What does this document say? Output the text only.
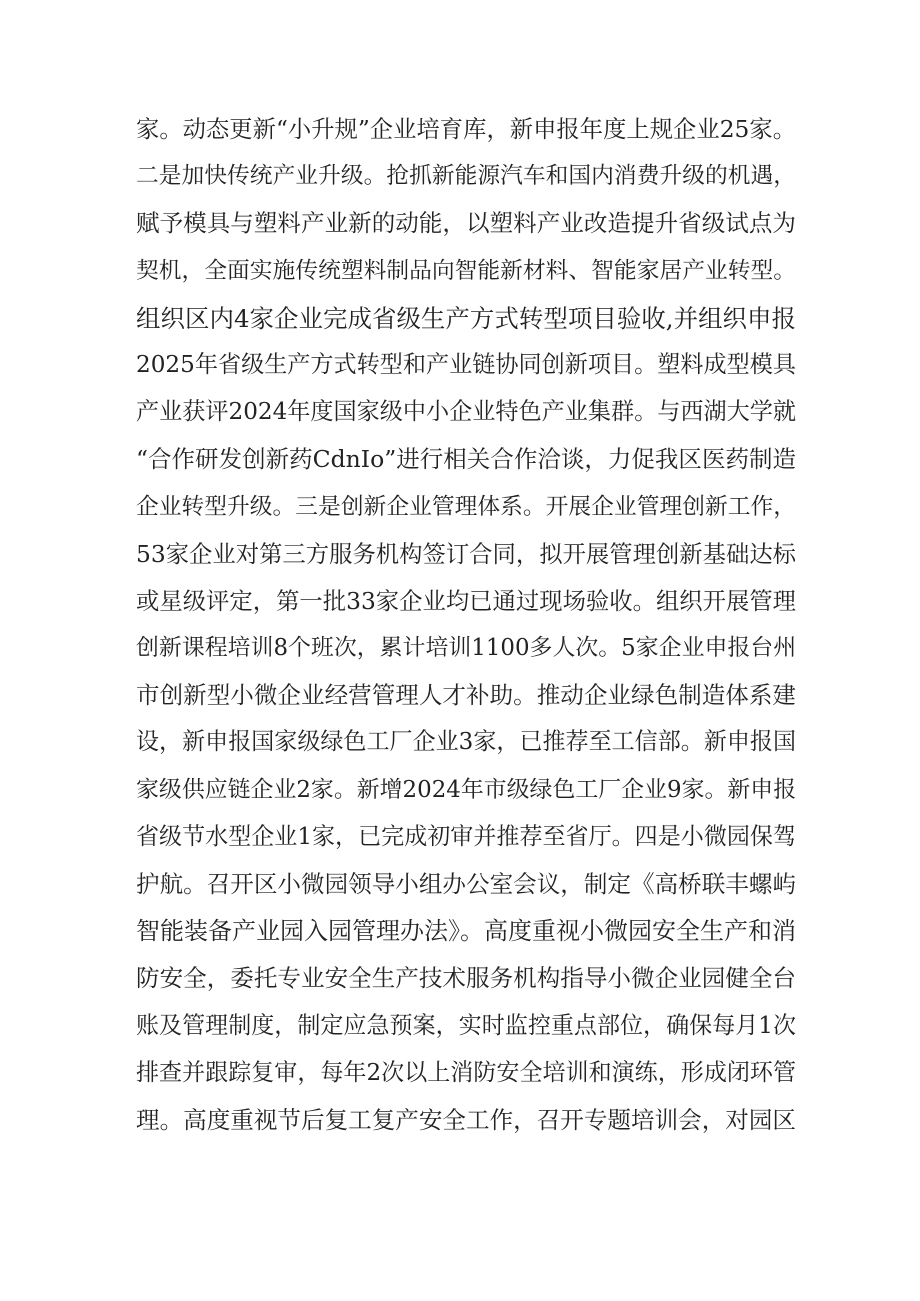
家。动态更新“小升规”企业培育库，新申报年度上规企业25家。
二是加快传统产业升级。抢抓新能源汽车和国内消费升级的机遇，
赋予模具与塑料产业新的动能，以塑料产业改造提升省级试点为
契机，全面实施传统塑料制品向智能新材料、智能家居产业转型。
组织区内4家企业完成省级生产方式转型项目验收,并组织申报
2025年省级生产方式转型和产业链协同创新项目。塑料成型模具
产业获评2024年度国家级中小企业特色产业集群。与西湖大学就
“合作研发创新药CdnIo”进行相关合作洽谈，力促我区医药制造
企业转型升级。三是创新企业管理体系。开展企业管理创新工作，
53家企业对第三方服务机构签订合同，拟开展管理创新基础达标
或星级评定，第一批33家企业均已通过现场验收。组织开展管理
创新课程培训8个班次，累计培训1100多人次。5家企业申报台州
市创新型小微企业经营管理人才补助。推动企业绿色制造体系建
设，新申报国家级绿色工厂企业3家，已推荐至工信部。新申报国
家级供应链企业2家。新增2024年市级绿色工厂企业9家。新申报
省级节水型企业1家，已完成初审并推荐至省厅。四是小微园保驾
护航。召开区小微园领导小组办公室会议，制定《高桥联丰螺屿
智能装备产业园入园管理办法》。高度重视小微园安全生产和消
防安全，委托专业安全生产技术服务机构指导小微企业园健全台
账及管理制度，制定应急预案，实时监控重点部位，确保每月1次
排查并跟踪复审，每年2次以上消防安全培训和演练，形成闭环管
理。高度重视节后复工复产安全工作，召开专题培训会，对园区
